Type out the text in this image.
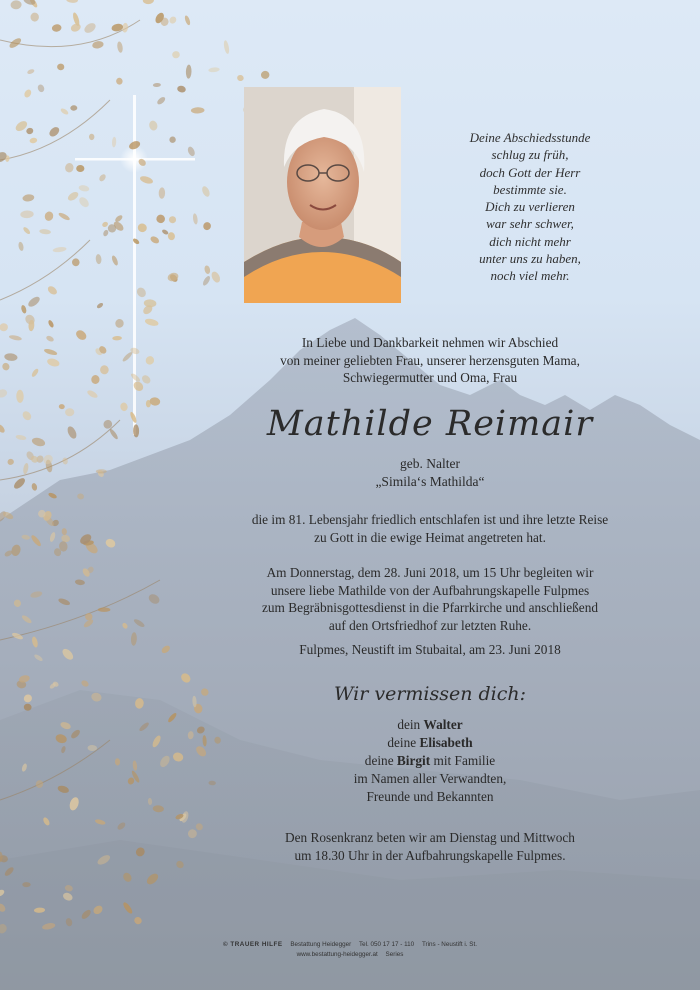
Deine Abschiedsstunde
schlug zu früh,
doch Gott der Herr
bestimmte sie.
Dich zu verlieren
war sehr schwer,
dich nicht mehr
unter uns zu haben,
noch viel mehr.
In Liebe und Dankbarkeit nehmen wir Abschied
von meiner geliebten Frau, unserer herzensguten Mama,
Schwiegermutter und Oma, Frau
Mathilde Reimair
geb. Nalter
„Simila‘s Mathilda“
die im 81. Lebensjahr friedlich entschlafen ist und ihre letzte Reise
zu Gott in die ewige Heimat angetreten hat.
Am Donnerstag, dem 28. Juni 2018, um 15 Uhr begleiten wir
unsere liebe Mathilde von der Aufbahrungskapelle Fulpmes
zum Begräbnisgottesdienst in die Pfarrkirche und anschließend
auf den Ortsfriedhof zur letzten Ruhe.
Fulpmes, Neustift im Stubaital, am 23. Juni 2018
Wir vermissen dich:
dein Walter
deine Elisabeth
deine Birgit mit Familie
im Namen aller Verwandten,
Freunde und Bekannten
Den Rosenkranz beten wir am Dienstag und Mittwoch
um 18.30 Uhr in der Aufbahrungskapelle Fulpmes.
© TRAUER HILFE Bestattung Heidegger Tel. 050 17 17 - 110 Trins - Neustift i. St.
www.bestattung-heidegger.at Series
